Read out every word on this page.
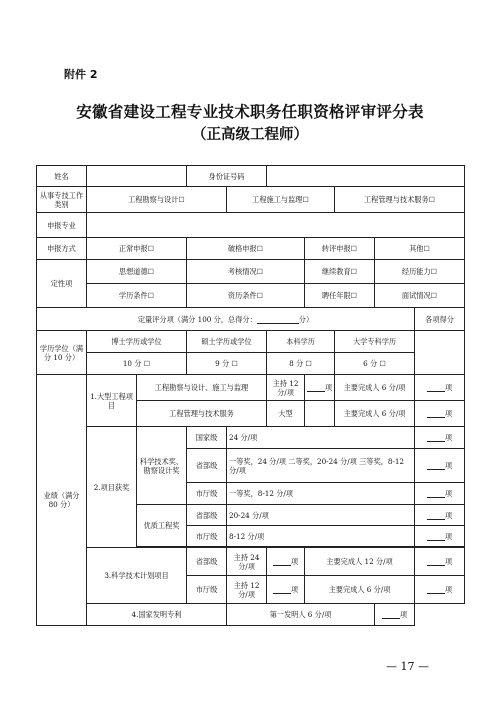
附件 2
安徽省建设工程专业技术职务任职资格评审评分表
（正高级工程师）
姓名			身份证号码						
从事专技工作类别	工程勘察与设计☐			工程施工与监理☐			工程管理与技术服务☐		
申报专业									
申报方式	正常申报☐		破格申报☐			转评申报☐		其他☐	
定性项	思想道德☐		考核情况☐			继续教育☐		经历能力☐	
	学历条件☐		资历条件☐			聘任年限☐		面试情况☐	
定量评分项（满分 100 分，总得分： 分）									各项得分
学历学位（满分 10 分）	博士学历或学位		硕士学历或学位		本科学历		大学专科学历		
	10 分 ☐		9 分 ☐		8 分 ☐		6 分 ☐		
业绩（满分 80 分）	1.大型工程项目	工程勘察与设计、施工与监理			主持 12 分/项	项	主要完成人 6 分/项		项
		工程管理与技术服务			大型		主要完成人 6 分/项		项
	2.项目获奖	科学技术奖、勘察设计奖	国家级	24 分/项					项
			省部级	一等奖，24 分/项 二等奖，20-24 分/项 三等奖，8-12 分/项					项
			市厅级	一等奖，8-12 分/项					项
		优质工程奖	省部级	20-24 分/项					项
			市厅级	8-12 分/项					项

	3.科学技术计划项目		省部级	主持 24 分/项	项	主要完成人 12 分/项			项
			市厅级	主持 12 分/项	项	主要完成人 6 分/项			项
	4.国家发明专利			第一发明人 6 分/项				项	
— 17 —
